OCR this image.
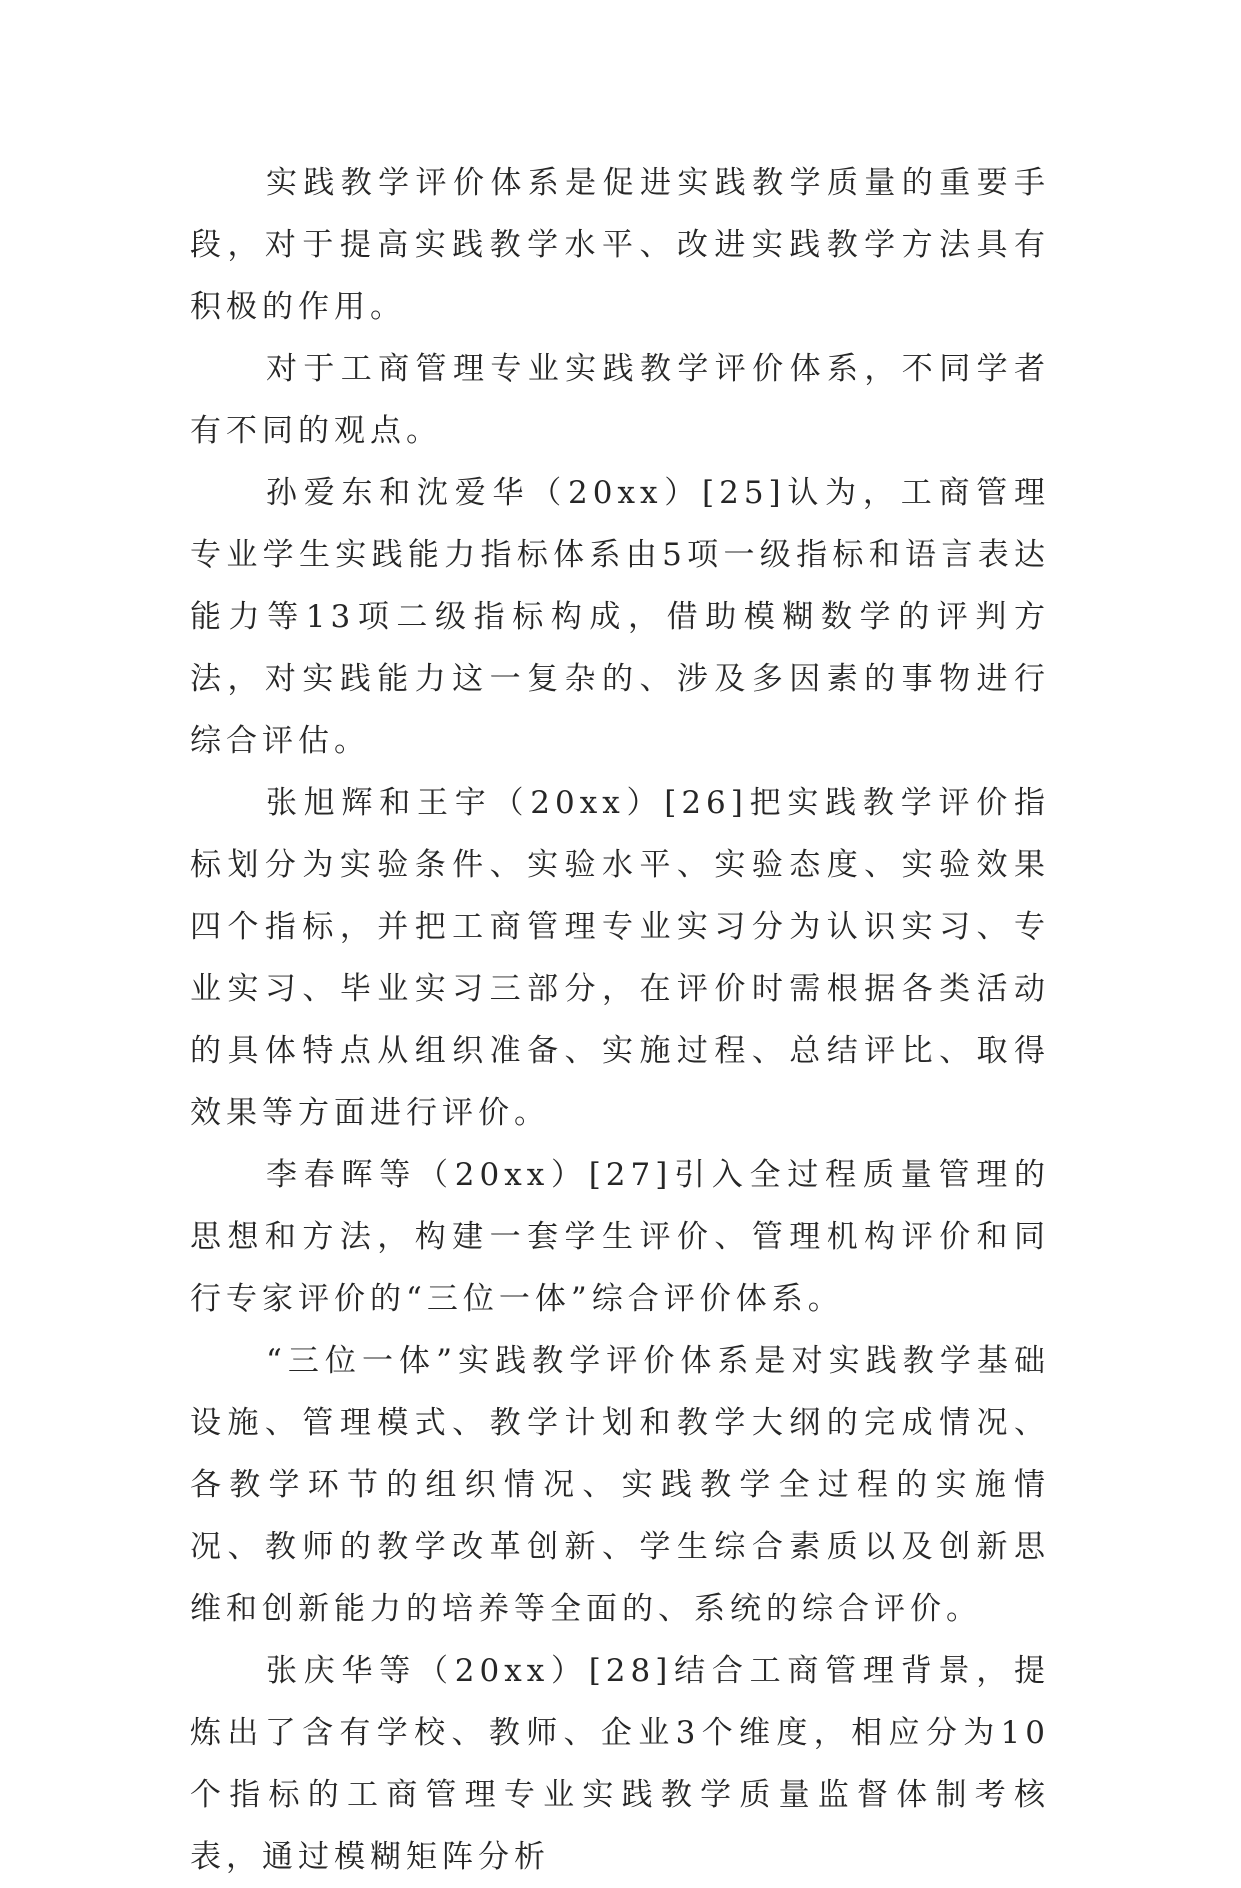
实践教学评价体系是促进实践教学质量的重要手段，对于提高实践教学水平、改进实践教学方法具有积极的作用。

对于工商管理专业实践教学评价体系，不同学者有不同的观点。

孙爱东和沈爱华（20xx）[25]认为，工商管理专业学生实践能力指标体系由5项一级指标和语言表达能力等13项二级指标构成，借助模糊数学的评判方法，对实践能力这一复杂的、涉及多因素的事物进行综合评估。

张旭辉和王宇（20xx）[26]把实践教学评价指标划分为实验条件、实验水平、实验态度、实验效果四个指标，并把工商管理专业实习分为认识实习、专业实习、毕业实习三部分，在评价时需根据各类活动的具体特点从组织准备、实施过程、总结评比、取得效果等方面进行评价。

李春晖等（20xx）[27]引入全过程质量管理的思想和方法，构建一套学生评价、管理机构评价和同行专家评价的“三位一体”综合评价体系。

“三位一体”实践教学评价体系是对实践教学基础设施、管理模式、教学计划和教学大纲的完成情况、各教学环节的组织情况、实践教学全过程的实施情况、教师的教学改革创新、学生综合素质以及创新思维和创新能力的培养等全面的、系统的综合评价。

张庆华等（20xx）[28]结合工商管理背景，提炼出了含有学校、教师、企业3个维度，相应分为10个指标的工商管理专业实践教学质量监督体制考核表，通过模糊矩阵分析
